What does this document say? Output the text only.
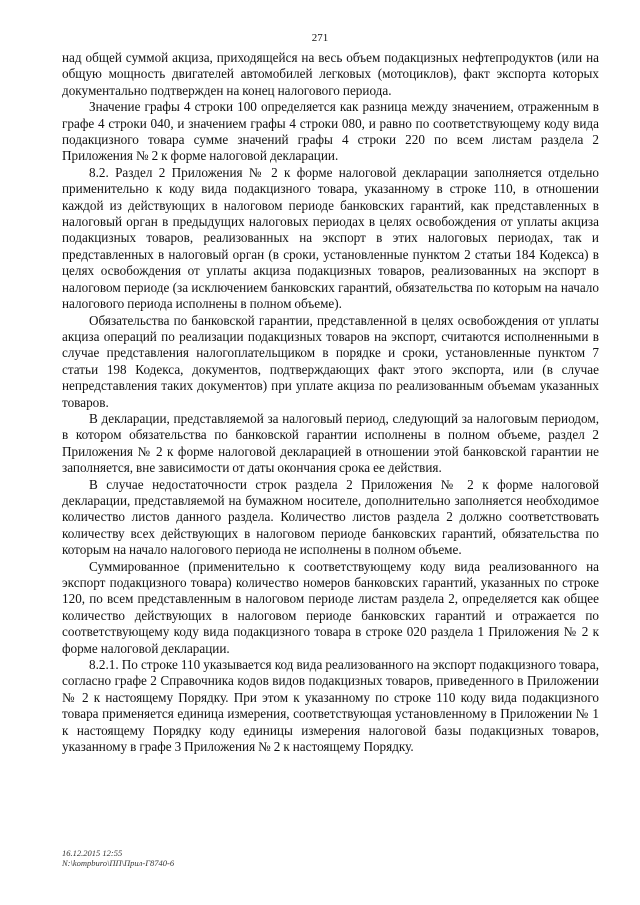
271

над общей суммой акциза, приходящейся на весь объем подакцизных нефтепродуктов (или на общую мощность двигателей автомобилей легковых (мотоциклов), факт экспорта которых документально подтвержден на конец налогового периода.

Значение графы 4 строки 100 определяется как разница между значением, отраженным в графе 4 строки 040, и значением графы 4 строки 080, и равно по соответствующему коду вида подакцизного товара сумме значений графы 4 строки 220 по всем листам раздела 2 Приложения № 2 к форме налоговой декларации.

8.2. Раздел 2 Приложения № 2 к форме налоговой декларации заполняется отдельно применительно к коду вида подакцизного товара, указанному в строке 110, в отношении каждой из действующих в налоговом периоде банковских гарантий, как представленных в налоговый орган в предыдущих налоговых периодах в целях освобождения от уплаты акциза подакцизных товаров, реализованных на экспорт в этих налоговых периодах, так и представленных в налоговый орган (в сроки, установленные пунктом 2 статьи 184 Кодекса) в целях освобождения от уплаты акциза подакцизных товаров, реализованных на экспорт в налоговом периоде (за исключением банковских гарантий, обязательства по которым на начало налогового периода исполнены в полном объеме).

Обязательства по банковской гарантии, представленной в целях освобождения от уплаты акциза операций по реализации подакцизных товаров на экспорт, считаются исполненными в случае представления налогоплательщиком в порядке и сроки, установленные пунктом 7 статьи 198 Кодекса, документов, подтверждающих факт этого экспорта, или (в случае непредставления таких документов) при уплате акциза по реализованным объемам указанных товаров.

В декларации, представляемой за налоговый период, следующий за налоговым периодом, в котором обязательства по банковской гарантии исполнены в полном объеме, раздел 2 Приложения № 2 к форме налоговой декларацией в отношении этой банковской гарантии не заполняется, вне зависимости от даты окончания срока ее действия.

В случае недостаточности строк раздела 2 Приложения № 2 к форме налоговой декларации, представляемой на бумажном носителе, дополнительно заполняется необходимое количество листов данного раздела. Количество листов раздела 2 должно соответствовать количеству всех действующих в налоговом периоде банковских гарантий, обязательства по которым на начало налогового периода не исполнены в полном объеме.

Суммированное (применительно к соответствующему коду вида реализованного на экспорт подакцизного товара) количество номеров банковских гарантий, указанных по строке 120, по всем представленным в налоговом периоде листам раздела 2, определяется как общее количество действующих в налоговом периоде банковских гарантий и отражается по соответствующему коду вида подакцизного товара в строке 020 раздела 1 Приложения № 2 к форме налоговой декларации.

8.2.1. По строке 110 указывается код вида реализованного на экспорт подакцизного товара, согласно графе 2 Справочника кодов видов подакцизных товаров, приведенного в Приложении № 2 к настоящему Порядку. При этом к указанному по строке 110 коду вида подакцизного товара применяется единица измерения, соответствующая установленному в Приложении № 1 к настоящему Порядку коду единицы измерения налоговой базы подакцизных товаров, указанному в графе 3 Приложения № 2 к настоящему Порядку.

16.12.2015 12:55
N:\kompburo\ПП\Прил-Г8740-6
